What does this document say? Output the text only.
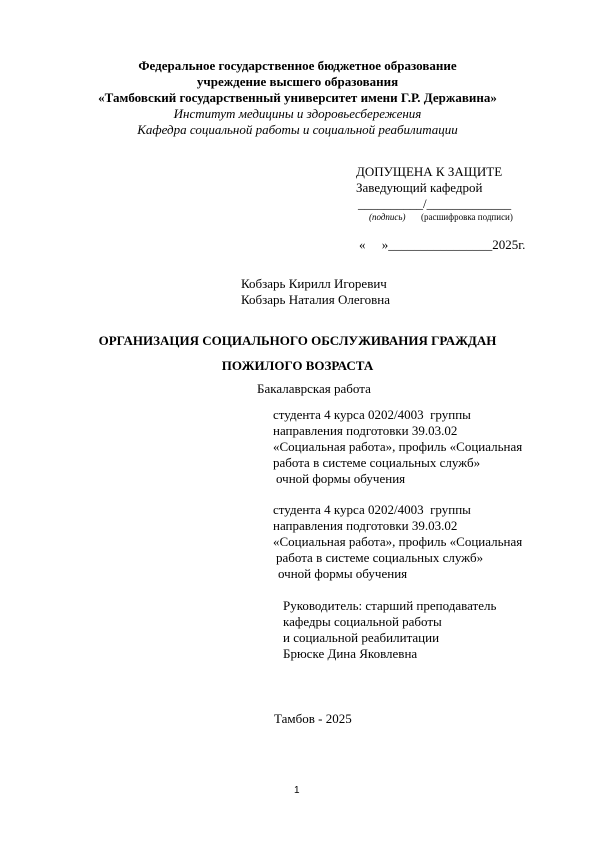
Федеральное государственное бюджетное образование
учреждение высшего образования
«Тамбовский государственный университет имени Г.Р. Державина»
Институт медицины и здоровьесбережения
Кафедра социальной работы и социальной реабилитации
ДОПУЩЕНА К ЗАЩИТЕ
Заведующий кафедрой
__________/_____________
(подпись) (расшифровка подписи)
«     »________________2025г.
Кобзарь Кирилл Игоревич
Кобзарь Наталия Олеговна
ОРГАНИЗАЦИЯ СОЦИАЛЬНОГО ОБСЛУЖИВАНИЯ ГРАЖДАН
ПОЖИЛОГО ВОЗРАСТА
Бакалаврская работа
студента 4 курса 0202/4003  группы
направления подготовки 39.03.02
«Социальная работа», профиль «Социальная
работа в системе социальных служб»
очной формы обучения
студента 4 курса 0202/4003  группы
направления подготовки 39.03.02
«Социальная работа», профиль «Социальная
работа в системе социальных служб»
очной формы обучения
Руководитель: старший преподаватель
кафедры социальной работы
и социальной реабилитации
Брюске Дина Яковлевна
Тамбов - 2025
1
